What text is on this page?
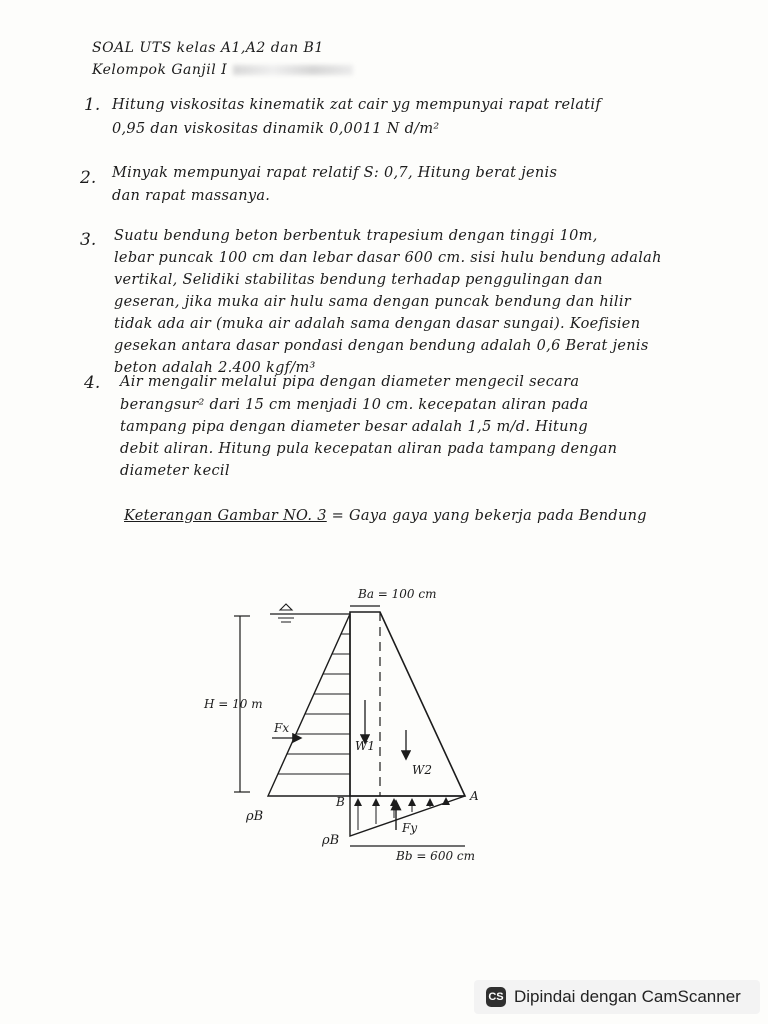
SOAL UTS kelas A1,A2 dan B1
Kelompok Ganjil I
1. Hitung viskositas kinematik zat cair yg mempunyai rapat relatif
0,95 dan viskositas dinamik 0,0011 N d/m²
2. Minyak mempunyai rapat relatif S: 0,7, Hitung berat jenis
dan rapat massanya.
3. Suatu bendung beton berbentuk trapesium dengan tinggi 10m,
lebar puncak 100 cm dan lebar dasar 600 cm. sisi hulu bendung adalah
vertikal, Selidiki stabilitas bendung terhadap penggulingan dan
geseran, jika muka air hulu sama dengan puncak bendung dan hilir
tidak ada air (muka air adalah sama dengan dasar sungai). Koefisien
gesekan antara dasar pondasi dengan bendung adalah 0,6 Berat jenis
beton adalah 2.400 kgf/m³
4. Air mengalir melalui pipa dengan diameter mengecil secara
berangsur² dari 15 cm menjadi 10 cm. kecepatan aliran pada
tampang pipa dengan diameter besar adalah 1,5 m/d. Hitung
debit aliran. Hitung pula kecepatan aliran pada tampang dengan
diameter kecil
Keterangan Gambar NO. 3 = Gaya gaya yang bekerja pada Bendung
Ba = 100 cm
H = 10 m
Fx
W1
W2
B	A
Fy
ρB
ρB
Bb = 600 cm
CS Dipindai dengan CamScanner
